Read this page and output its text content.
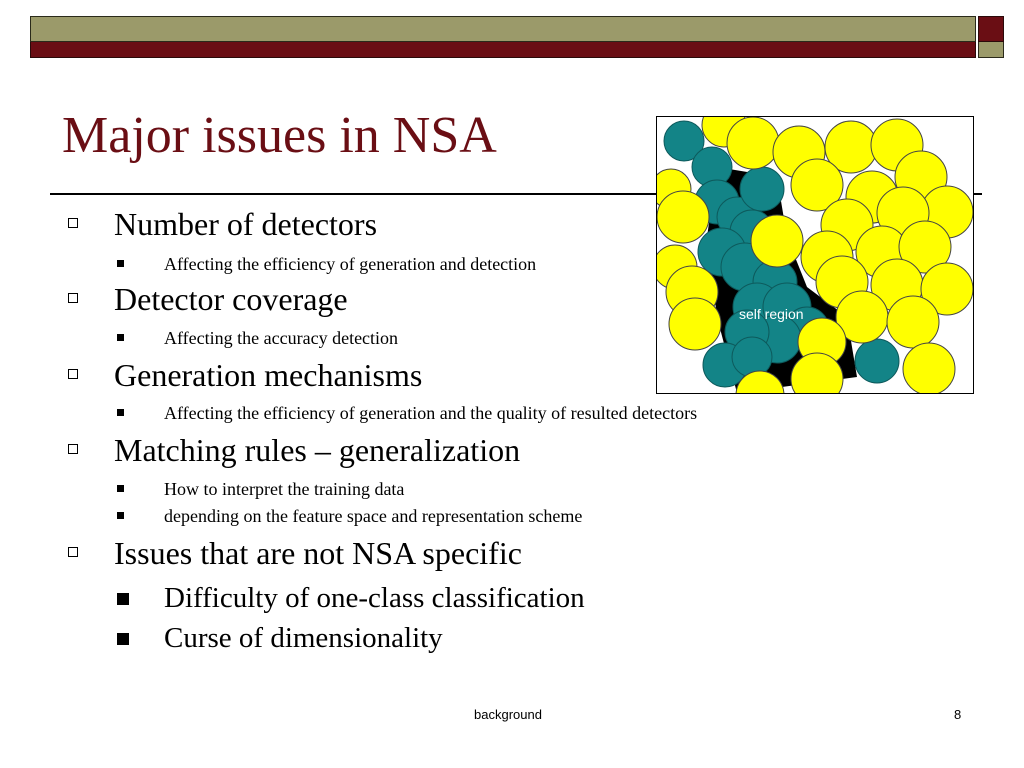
Major issues in NSA
self region
Number of detectors
Affecting the efficiency of generation and detection
Detector coverage
Affecting the accuracy detection
Generation mechanisms
Affecting the efficiency of generation and the quality of resulted detectors
Matching rules – generalization
How to interpret the training data
depending on the feature space and representation scheme
Issues that are not NSA specific
Difficulty of one-class classification
Curse of dimensionality
background	8
